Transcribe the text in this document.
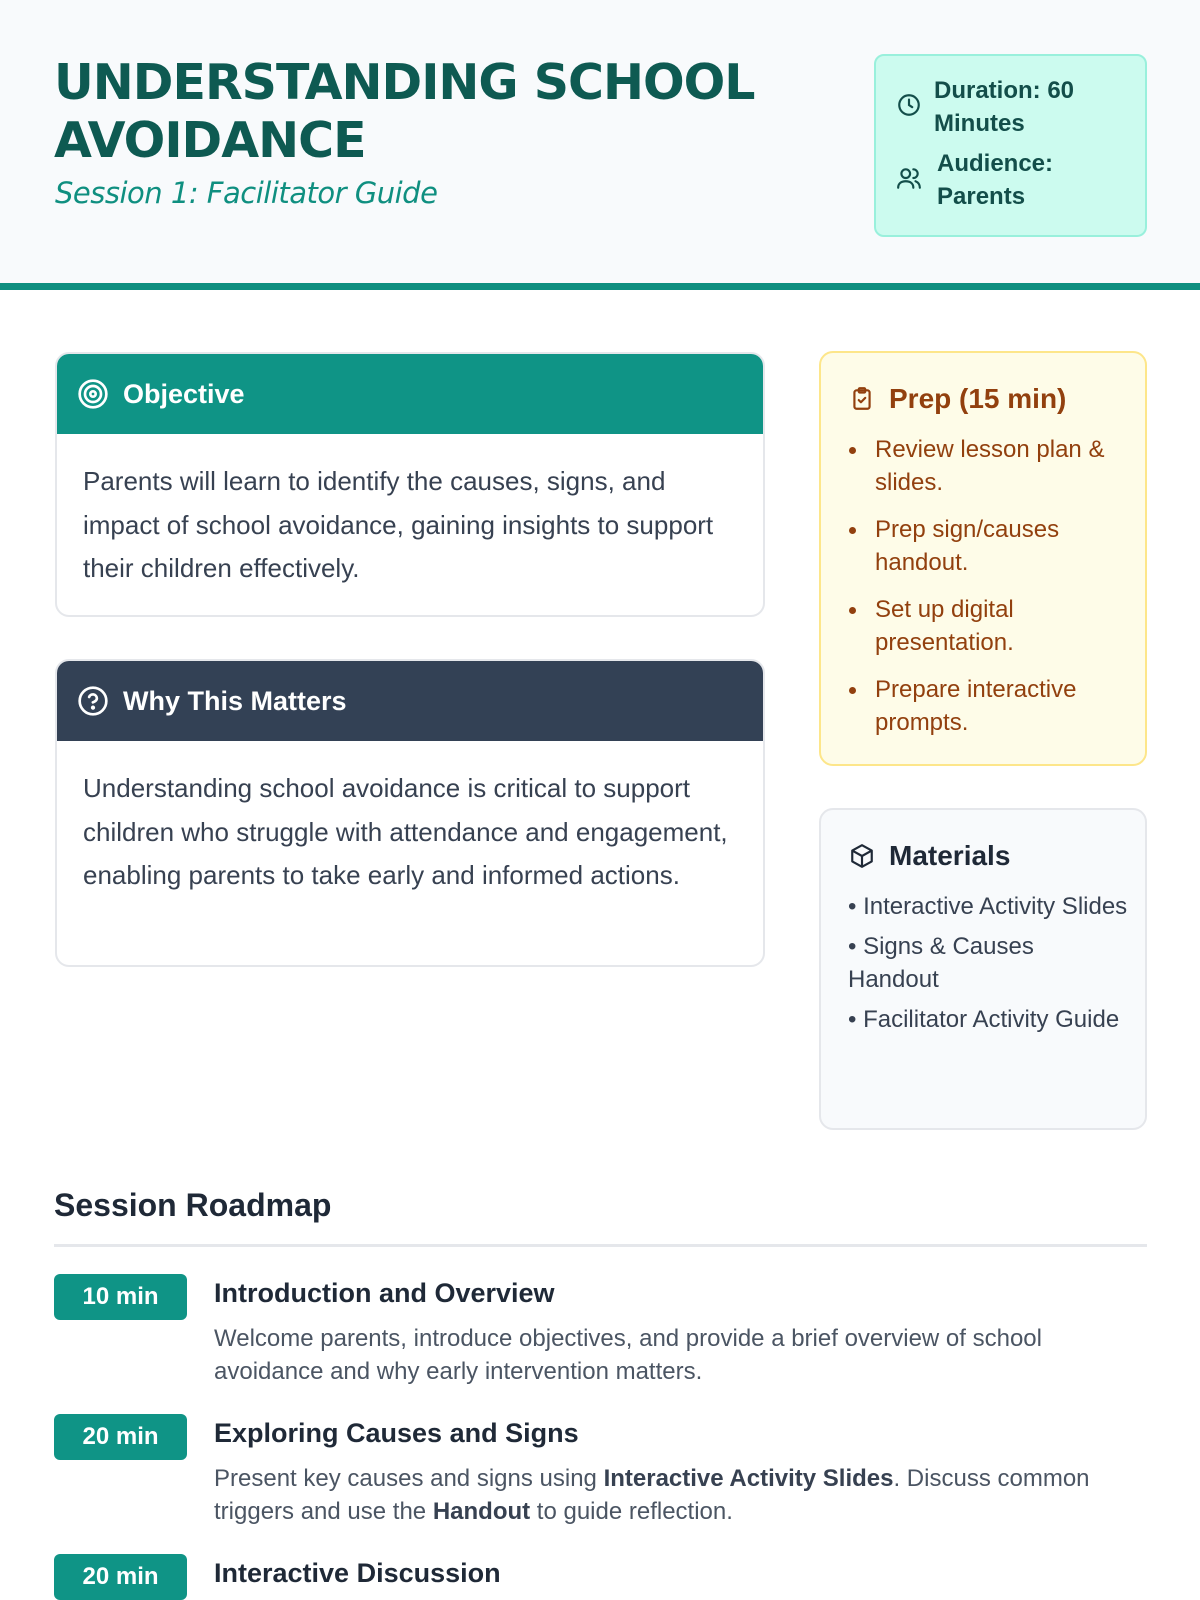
UNDERSTANDING SCHOOL AVOIDANCE
Session 1: Facilitator Guide
Duration: 60 Minutes
Audience: Parents
Objective
Parents will learn to identify the causes, signs, and impact of school avoidance, gaining insights to support their children effectively.
Why This Matters
Understanding school avoidance is critical to support children who struggle with attendance and engagement, enabling parents to take early and informed actions.
Prep (15 min)
Review lesson plan & slides.
Prep sign/causes handout.
Set up digital presentation.
Prepare interactive prompts.
Materials
• Interactive Activity Slides
• Signs & Causes Handout
• Facilitator Activity Guide
Session Roadmap
10 min	Introduction and Overview
Welcome parents, introduce objectives, and provide a brief overview of school avoidance and why early intervention matters.
20 min	Exploring Causes and Signs
Present key causes and signs using Interactive Activity Slides. Discuss common triggers and use the Handout to guide reflection.
20 min	Interactive Discussion
